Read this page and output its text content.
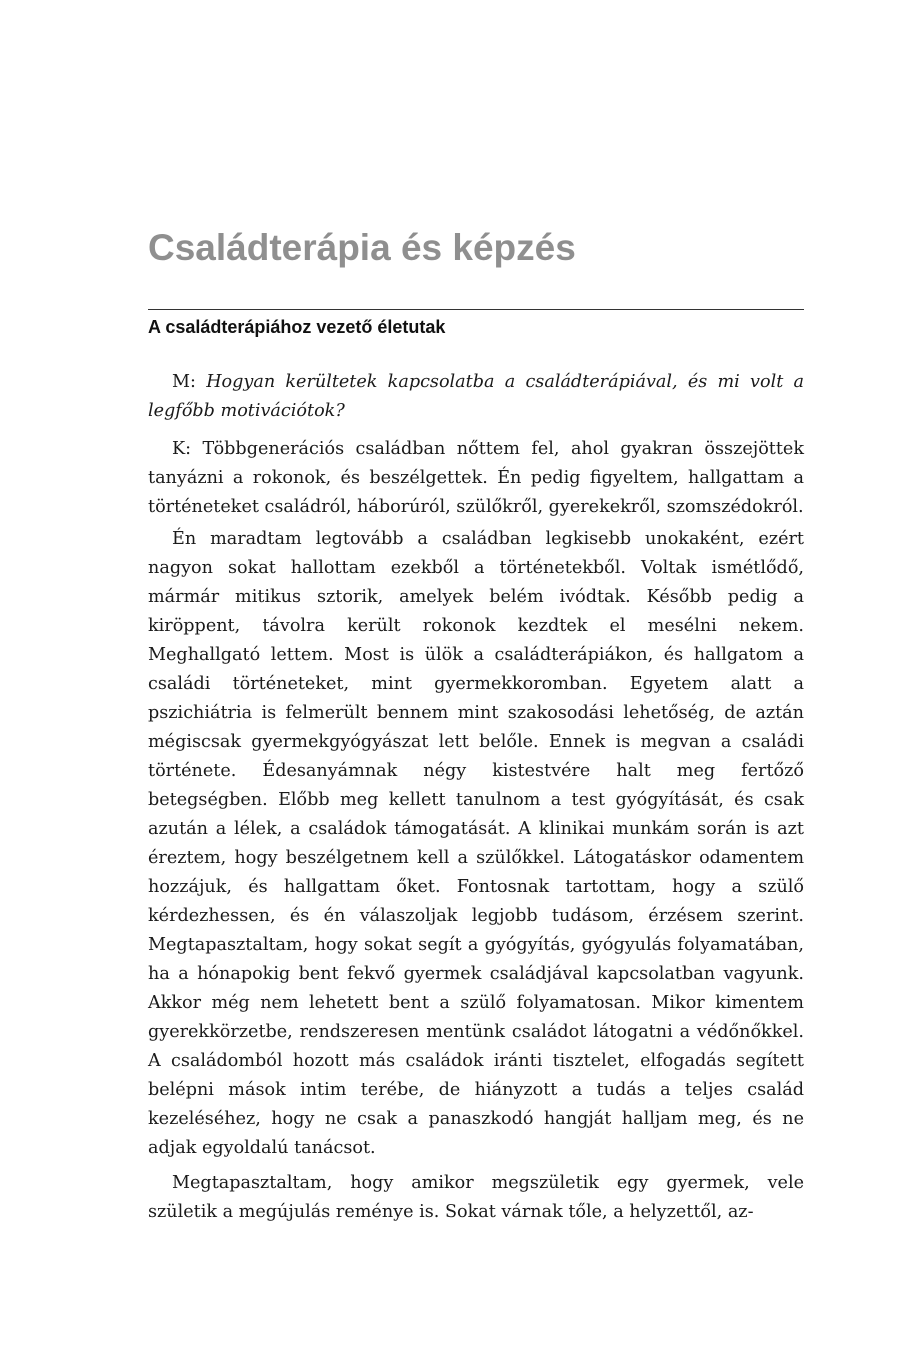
Családterápia és képzés
A családterápiához vezető életutak

M: Hogyan kerültetek kapcsolatba a családterápiával, és mi volt a legfőbb motivációtok?

K: Többgenerációs családban nőttem fel, ahol gyakran összejöttek tanyázni a rokonok, és beszélgettek. Én pedig figyeltem, hallgattam a történeteket családról, háborúról, szülőkről, gyerekekről, szomszédokról.

Én maradtam legtovább a családban legkisebb unokaként, ezért nagyon sokat hallottam ezekből a történetekből. Voltak ismétlődő, mármár mitikus sztorik, amelyek belém ivódtak. Később pedig a kiröppent, távolra került rokonok kezdtek el mesélni nekem. Meghallgató lettem. Most is ülök a családterápiákon, és hallgatom a családi történeteket, mint gyermekkoromban. Egyetem alatt a pszichiátria is felmerült bennem mint szakosodási lehetőség, de aztán mégiscsak gyermekgyógyászat lett belőle. Ennek is megvan a családi története. Édesanyámnak négy kistestvére halt meg fertőző betegségben. Előbb meg kellett tanulnom a test gyógyítását, és csak azután a lélek, a családok támogatását. A klinikai munkám során is azt éreztem, hogy beszélgetnem kell a szülőkkel. Látogatáskor odamentem hozzájuk, és hallgattam őket. Fontosnak tartottam, hogy a szülő kérdezhessen, és én válaszoljak legjobb tudásom, érzésem szerint. Megtapasztaltam, hogy sokat segít a gyógyítás, gyógyulás folyamatában, ha a hónapokig bent fekvő gyermek családjával kapcsolatban vagyunk. Akkor még nem lehetett bent a szülő folyamatosan. Mikor kimentem gyerekkörzetbe, rendszeresen mentünk családot látogatni a védőnőkkel. A családomból hozott más családok iránti tisztelet, elfogadás segített belépni mások intim terébe, de hiányzott a tudás a teljes család kezeléséhez, hogy ne csak a panaszkodó hangját halljam meg, és ne adjak egyoldalú tanácsot.

Megtapasztaltam, hogy amikor megszületik egy gyermek, vele születik a megújulás reménye is. Sokat várnak tőle, a helyzettől, az-
